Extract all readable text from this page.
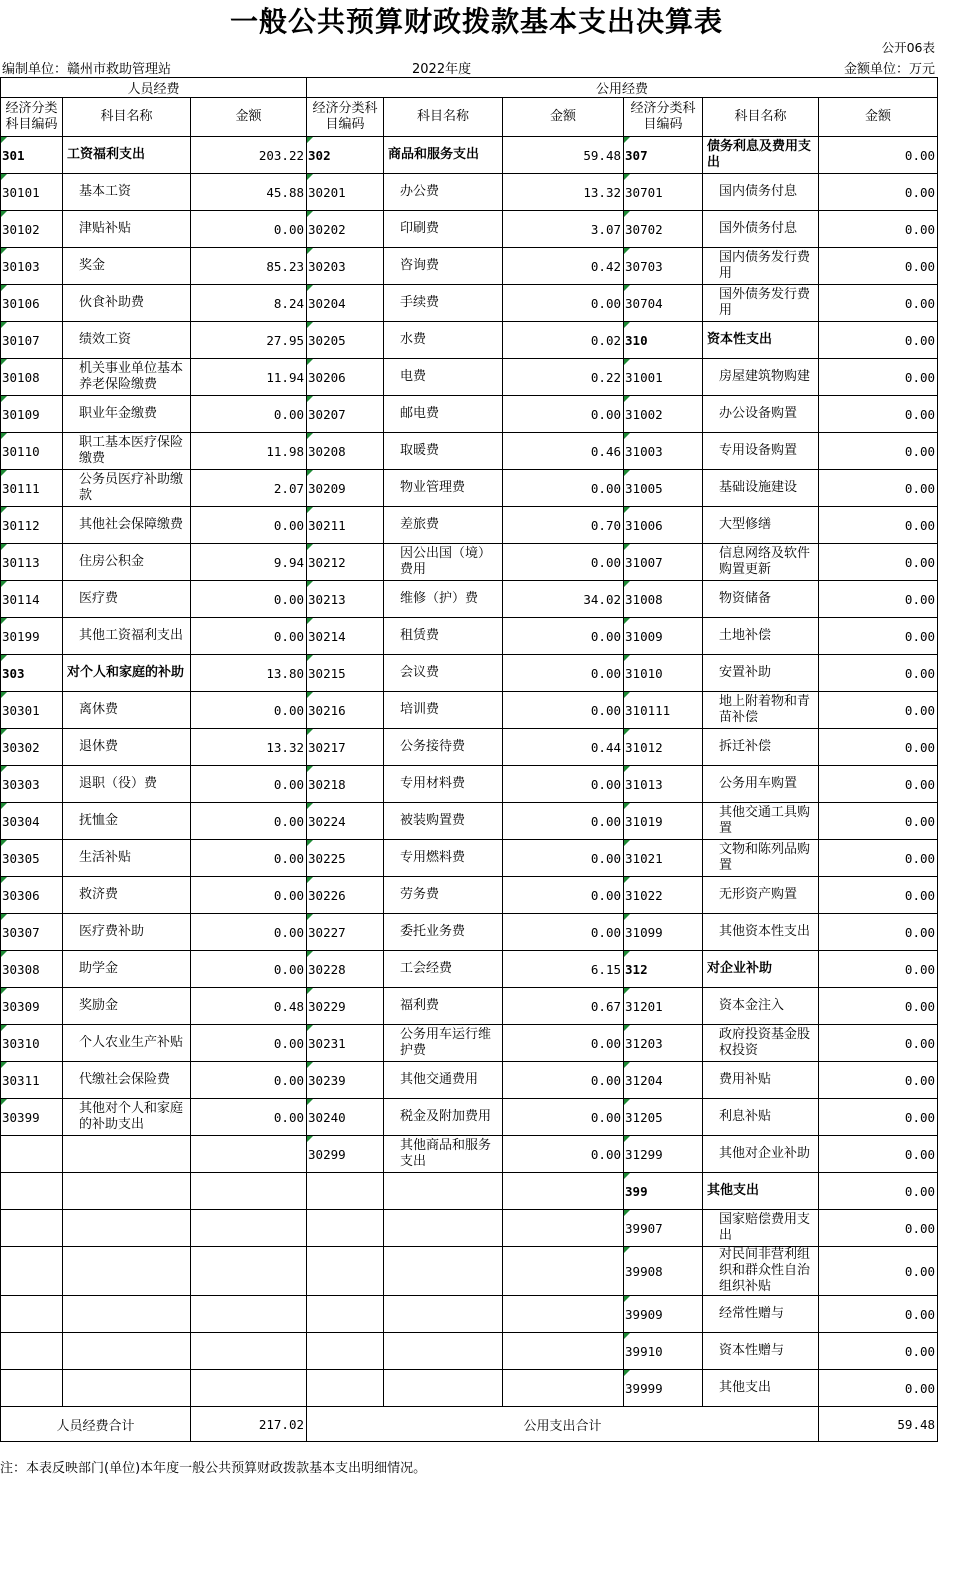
一般公共预算财政拨款基本支出决算表
公开06表
编制单位：赣州市救助管理站	2022年度	金额单位：万元
人员经费			公用经费					
经济分类科目编码	科目名称	金额	经济分类科目编码	科目名称	金额	经济分类科目编码	科目名称	金额
301	工资福利支出	203.22	302	商品和服务支出	59.48	307	债务利息及费用支出	0.00
30101	基本工资	45.88	30201	办公费	13.32	30701	国内债务付息	0.00
30102	津贴补贴	0.00	30202	印刷费	3.07	30702	国外债务付息	0.00
30103	奖金	85.23	30203	咨询费	0.42	30703	国内债务发行费用	0.00
30106	伙食补助费	8.24	30204	手续费	0.00	30704	国外债务发行费用	0.00
30107	绩效工资	27.95	30205	水费	0.02	310	资本性支出	0.00
30108	机关事业单位基本养老保险缴费	11.94	30206	电费	0.22	31001	房屋建筑物购建	0.00
30109	职业年金缴费	0.00	30207	邮电费	0.00	31002	办公设备购置	0.00
30110	职工基本医疗保险缴费	11.98	30208	取暖费	0.46	31003	专用设备购置	0.00
30111	公务员医疗补助缴款	2.07	30209	物业管理费	0.00	31005	基础设施建设	0.00
30112	其他社会保障缴费	0.00	30211	差旅费	0.70	31006	大型修缮	0.00
30113	住房公积金	9.94	30212	因公出国（境）费用	0.00	31007	信息网络及软件购置更新	0.00
30114	医疗费	0.00	30213	维修（护）费	34.02	31008	物资储备	0.00
30199	其他工资福利支出	0.00	30214	租赁费	0.00	31009	土地补偿	0.00
303	对个人和家庭的补助	13.80	30215	会议费	0.00	31010	安置补助	0.00
30301	离休费	0.00	30216	培训费	0.00	310111	地上附着物和青苗补偿	0.00
30302	退休费	13.32	30217	公务接待费	0.44	31012	拆迁补偿	0.00
30303	退职（役）费	0.00	30218	专用材料费	0.00	31013	公务用车购置	0.00
30304	抚恤金	0.00	30224	被装购置费	0.00	31019	其他交通工具购置	0.00
30305	生活补贴	0.00	30225	专用燃料费	0.00	31021	文物和陈列品购置	0.00
30306	救济费	0.00	30226	劳务费	0.00	31022	无形资产购置	0.00
30307	医疗费补助	0.00	30227	委托业务费	0.00	31099	其他资本性支出	0.00
30308	助学金	0.00	30228	工会经费	6.15	312	对企业补助	0.00
30309	奖励金	0.48	30229	福利费	0.67	31201	资本金注入	0.00
30310	个人农业生产补贴	0.00	30231	公务用车运行维护费	0.00	31203	政府投资基金股权投资	0.00
30311	代缴社会保险费	0.00	30239	其他交通费用	0.00	31204	费用补贴	0.00
30399	其他对个人和家庭的补助支出	0.00	30240	税金及附加费用	0.00	31205	利息补贴	0.00
			30299	其他商品和服务支出	0.00	31299	其他对企业补助	0.00
						399	其他支出	0.00
						39907	国家赔偿费用支出	0.00
						39908	对民间非营利组织和群众性自治组织补贴	0.00
						39909	经常性赠与	0.00
						39910	资本性赠与	0.00
						39999	其他支出	0.00
人员经费合计		217.02	公用支出合计					59.48
注：本表反映部门(单位)本年度一般公共预算财政拨款基本支出明细情况。
